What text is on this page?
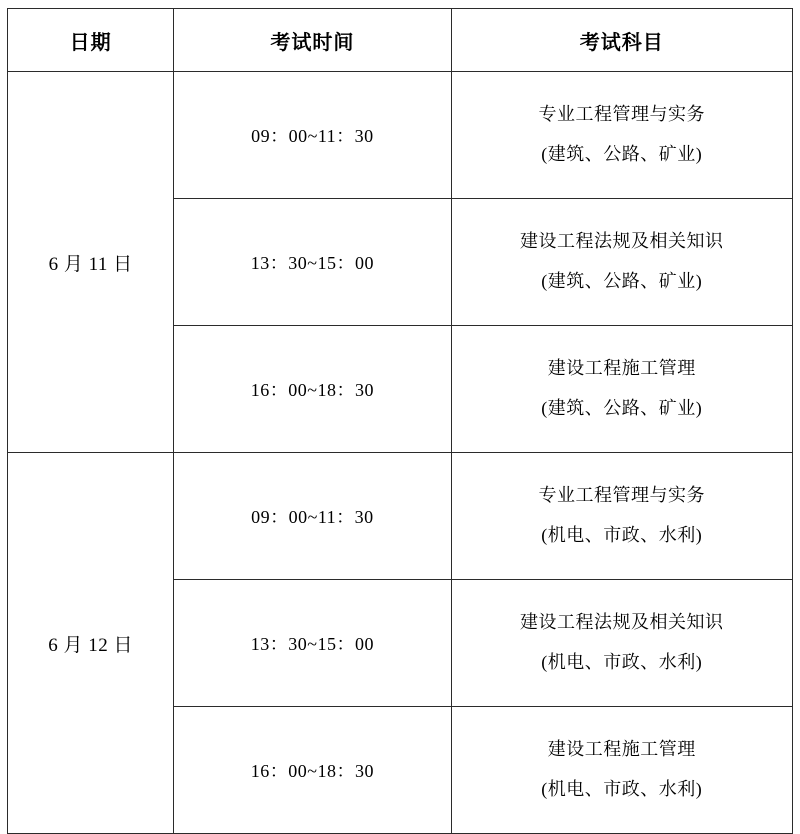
日期	考试时间	考试科目
6 月 11 日	09：00~11：30	专业工程管理与实务
(建筑、公路、矿业)

	13：30~15：00	建设工程法规及相关知识
(建筑、公路、矿业)

	16：00~18：30	建设工程施工管理
(建筑、公路、矿业)

6 月 12 日	09：00~11：30	专业工程管理与实务
(机电、市政、水利)

	13：30~15：00	建设工程法规及相关知识
(机电、市政、水利)

	16：00~18：30	建设工程施工管理
(机电、市政、水利)
